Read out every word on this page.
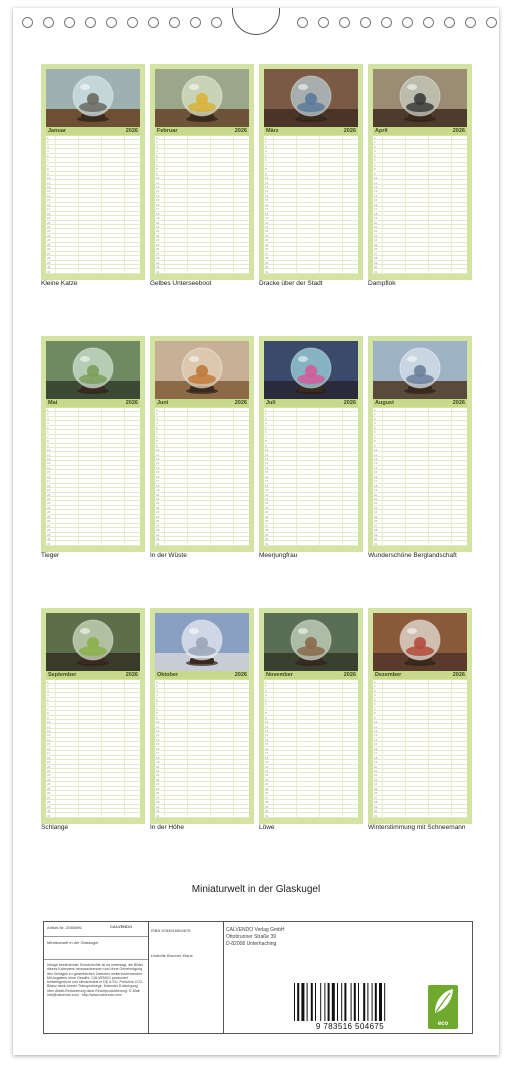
Januar	2026
1
2
3
4
5
6
7
8
9
10
11
12
13
14
15
16
17
18
19
20
21
22
23
24
25
26
27
28
29
30
31
Kleine Katze
Februar	2026
1
2
3
4
5
6
7
8
9
10
11
12
13
14
15
16
17
18
19
20
21
22
23
24
25
26
27
28
29
30
31
Gelbes Unterseeboot
März	2026
1
2
3
4
5
6
7
8
9
10
11
12
13
14
15
16
17
18
19
20
21
22
23
24
25
26
27
28
29
30
31
Dracke über der Stadt
April	2026
1
2
3
4
5
6
7
8
9
10
11
12
13
14
15
16
17
18
19
20
21
22
23
24
25
26
27
28
29
30
31
Dampflok
Mai	2026
1
2
3
4
5
6
7
8
9
10
11
12
13
14
15
16
17
18
19
20
21
22
23
24
25
26
27
28
29
30
31
Tieger
Juni	2026
1
2
3
4
5
6
7
8
9
10
11
12
13
14
15
16
17
18
19
20
21
22
23
24
25
26
27
28
29
30
31
In der Wüste
Juli	2026
1
2
3
4
5
6
7
8
9
10
11
12
13
14
15
16
17
18
19
20
21
22
23
24
25
26
27
28
29
30
31
Meerjungfrau
August	2026
1
2
3
4
5
6
7
8
9
10
11
12
13
14
15
16
17
18
19
20
21
22
23
24
25
26
27
28
29
30
31
Wunderschöne Berglandschaft
September	2026
1
2
3
4
5
6
7
8
9
10
11
12
13
14
15
16
17
18
19
20
21
22
23
24
25
26
27
28
29
30
31
Schlange
Oktober	2026
1
2
3
4
5
6
7
8
9
10
11
12
13
14
15
16
17
18
19
20
21
22
23
24
25
26
27
28
29
30
31
In der Höhe
November	2026
1
2
3
4
5
6
7
8
9
10
11
12
13
14
15
16
17
18
19
20
21
22
23
24
25
26
27
28
29
30
31
Löwe
Dezember	2026
1
2
3
4
5
6
7
8
9
10
11
12
13
14
15
16
17
18
19
20
21
22
23
24
25
26
27
28
29
30
31
Winterstimmung mit Schneemann
Miniaturwelt in der Glaskugel
Artikel-Nr.: 2065696	CALVENDO
Miniaturwelt in der Glaskugel
Infolge bestehender Schutzrechte ist es untersagt, die Bilder dieses Kalenders herauszutrennen und ohne Genehmigung des Verlages zu gewerblichen Zwecken weiterzuverwenden. Mit Angaben ohne Gewähr. CALVENDO produziert bedarfsgerecht und klimaneutral in DE & EU. Preis/ers CO2-Bilanz dank tonner-Transportwege. Kalender Entsorgung über Abfall-Reduzierung dank Einzelproduktierung. E-Mail: info@calvendo.com · http://www.calvendo.com
ISBN 9783516504675
Liselotte Brunner-Klaus
CALVENDO Verlag GmbH
Ottobrunner Straße 39
D-82008 Unterhaching
9 783516 504675	eco
